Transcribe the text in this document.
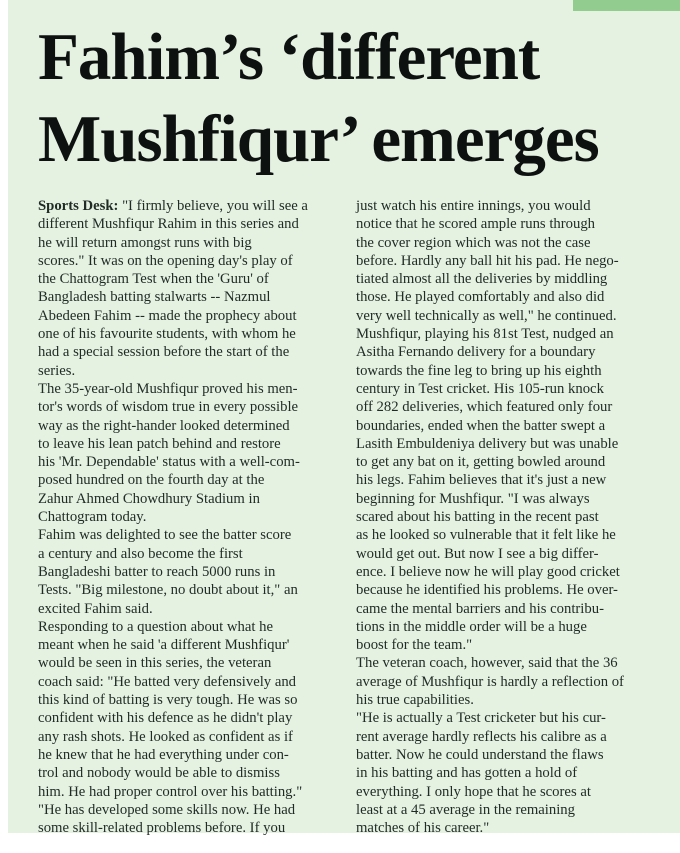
Fahim’s ‘different
Mushfiqur’ emerges
Sports Desk: "I firmly believe, you will see a
different Mushfiqur Rahim in this series and
he will return amongst runs with big
scores." It was on the opening day's play of
the Chattogram Test when the 'Guru' of
Bangladesh batting stalwarts -- Nazmul
Abedeen Fahim -- made the prophecy about
one of his favourite students, with whom he
had a special session before the start of the
series.
The 35-year-old Mushfiqur proved his men-
tor's words of wisdom true in every possible
way as the right-hander looked determined
to leave his lean patch behind and restore
his 'Mr. Dependable' status with a well-com-
posed hundred on the fourth day at the
Zahur Ahmed Chowdhury Stadium in
Chattogram today.
Fahim was delighted to see the batter score
a century and also become the first
Bangladeshi batter to reach 5000 runs in
Tests. "Big milestone, no doubt about it," an
excited Fahim said.
Responding to a question about what he
meant when he said 'a different Mushfiqur'
would be seen in this series, the veteran
coach said: "He batted very defensively and
this kind of batting is very tough. He was so
confident with his defence as he didn't play
any rash shots. He looked as confident as if
he knew that he had everything under con-
trol and nobody would be able to dismiss
him. He had proper control over his batting."
"He has developed some skills now. He had
some skill-related problems before. If you
just watch his entire innings, you would
notice that he scored ample runs through
the cover region which was not the case
before. Hardly any ball hit his pad. He nego-
tiated almost all the deliveries by middling
those. He played comfortably and also did
very well technically as well," he continued.
Mushfiqur, playing his 81st Test, nudged an
Asitha Fernando delivery for a boundary
towards the fine leg to bring up his eighth
century in Test cricket. His 105-run knock
off 282 deliveries, which featured only four
boundaries, ended when the batter swept a
Lasith Embuldeniya delivery but was unable
to get any bat on it, getting bowled around
his legs. Fahim believes that it's just a new
beginning for Mushfiqur. "I was always
scared about his batting in the recent past
as he looked so vulnerable that it felt like he
would get out. But now I see a big differ-
ence. I believe now he will play good cricket
because he identified his problems. He over-
came the mental barriers and his contribu-
tions in the middle order will be a huge
boost for the team."
The veteran coach, however, said that the 36
average of Mushfiqur is hardly a reflection of
his true capabilities.
"He is actually a Test cricketer but his cur-
rent average hardly reflects his calibre as a
batter. Now he could understand the flaws
in his batting and has gotten a hold of
everything. I only hope that he scores at
least at a 45 average in the remaining
matches of his career."
